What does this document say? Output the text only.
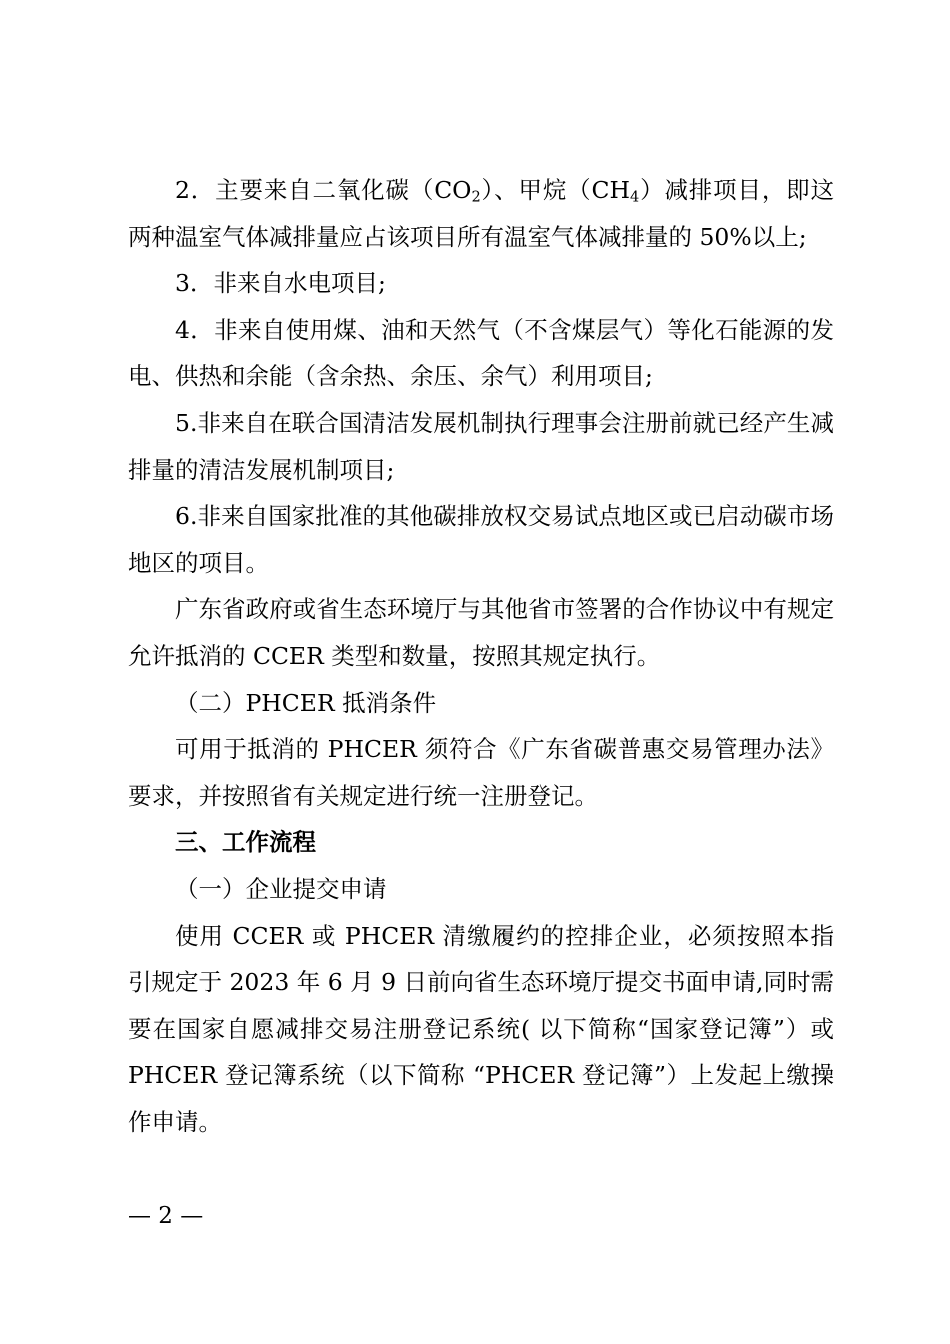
2．主要来自二氧化碳$(CO_2)$、甲烷$(CH_4)$减排项目，即这两种温室气体减排量应占该项目所有温室气体减排量的 50%以上;

3．非来自水电项目;

4．非来自使用煤、油和天然气（不含煤层气）等化石能源的发电、供热和余能（含余热、余压、余气）利用项目;

5.非来自在联合国清洁发展机制执行理事会注册前就已经产生减排量的清洁发展机制项目;

6.非来自国家批准的其他碳排放权交易试点地区或已启动碳市场地区的项目。

广东省政府或省生态环境厅与其他省市签署的合作协议中有规定允许抵消的 CCER 类型和数量，按照其规定执行。

（二）PHCER 抵消条件

可用于抵消的 PHCER 须符合《广东省碳普惠交易管理办法》要求，并按照省有关规定进行统一注册登记。

三、工作流程

（一）企业提交申请

使用 CCER 或 PHCER 清缴履约的控排企业，必须按照本指引规定于 2023 年 6 月 9 日前向省生态环境厅提交书面申请,同时需要在国家自愿减排交易注册登记系统( 以下简称“国家登记簿”）或 PHCER 登记簿系统（以下简称 “PHCER 登记簿”）上发起上缴操作申请。

— 2 —
